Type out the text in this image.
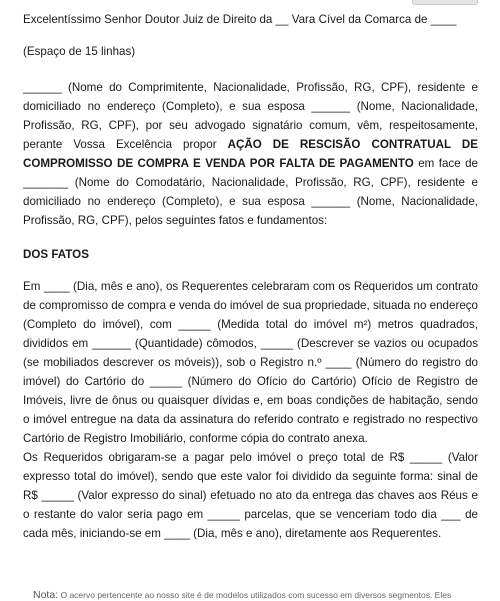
Excelentíssimo Senhor Doutor Juiz de Direito da __ Vara Cível da Comarca de ____

(Espaço de 15 linhas)

______ (Nome do Comprimitente, Nacionalidade, Profissão, RG, CPF), residente e domiciliado no endereço (Completo), e sua esposa ______ (Nome, Nacionalidade, Profissão, RG, CPF), por seu advogado signatário comum, vêm, respeitosamente, perante Vossa Excelência propor AÇÃO DE RESCISÃO CONTRATUAL DE COMPROMISSO DE COMPRA E VENDA POR FALTA DE PAGAMENTO em face de _______ (Nome do Comodatário, Nacionalidade, Profissão, RG, CPF), residente e domiciliado no endereço (Completo), e sua esposa ______ (Nome, Nacionalidade, Profissão, RG, CPF), pelos seguintes fatos e fundamentos:

DOS FATOS

Em ____ (Dia, mês e ano), os Requerentes celebraram com os Requeridos um contrato de compromisso de compra e venda do imóvel de sua propriedade, situada no endereço (Completo do imóvel), com _____ (Medida total do imóvel m²) metros quadrados, divididos em ______ (Quantidade) cômodos, _____ (Descrever se vazios ou ocupados (se mobiliados descrever os móveis)), sob o Registro n.º ____ (Número do registro do imóvel) do Cartório do _____ (Número do Ofício do Cartório) Ofício de Registro de Imóveis, livre de ônus ou quaisquer dívidas e, em boas condições de habitação, sendo o imóvel entregue na data da assinatura do referido contrato e registrado no respectivo Cartório de Registro Imobiliário, conforme cópia do contrato anexa.

Os Requeridos obrigaram-se a pagar pelo imóvel o preço total de R$ _____ (Valor expresso total do imóvel), sendo que este valor foi dividido da seguinte forma: sinal de R$ _____ (Valor expresso do sinal) efetuado no ato da entrega das chaves aos Réus e o restante do valor seria pago em _____ parcelas, que se venceriam todo dia ___ de cada mês, iniciando-se em ____ (Dia, mês e ano), diretamente aos Requerentes.

Nota: O acervo pertencente ao nosso site é de modelos utilizados com sucesso em diversos segmentos. Eles
